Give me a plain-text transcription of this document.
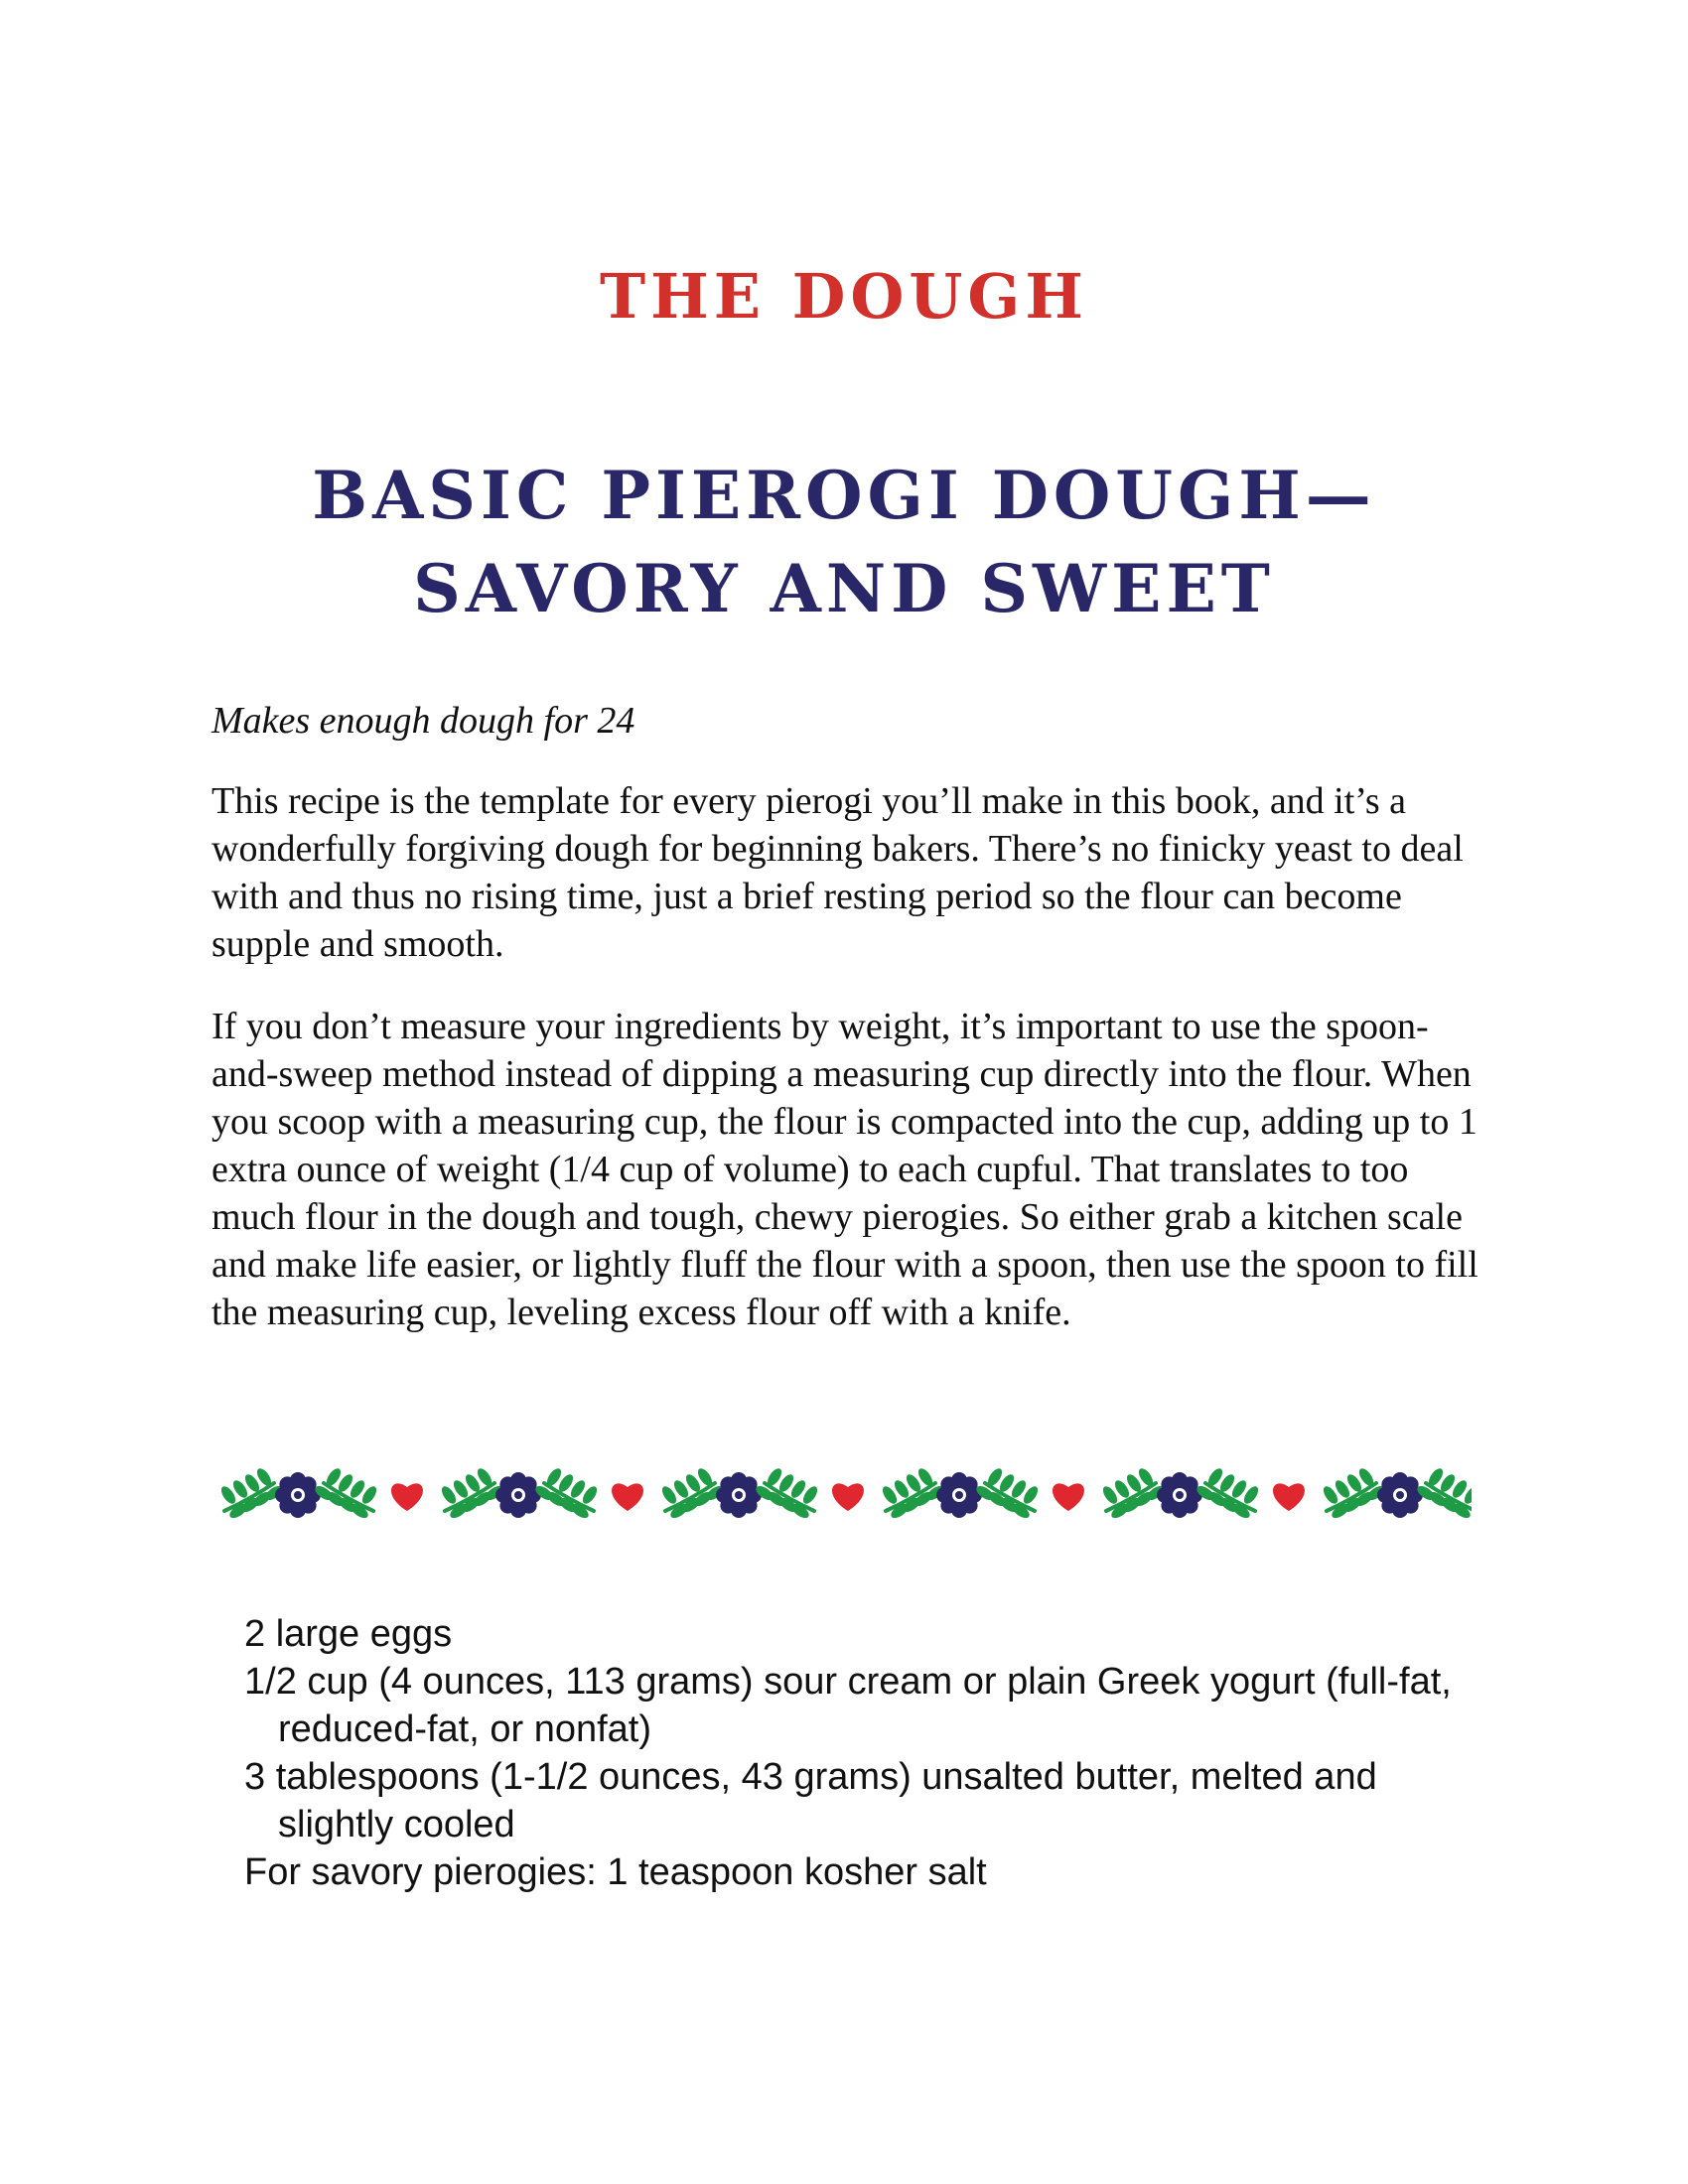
THE DOUGH
BASIC PIEROGI DOUGH—
SAVORY AND SWEET
Makes enough dough for 24

This recipe is the template for every pierogi you’ll make in this book, and it’s a wonderfully forgiving dough for beginning bakers. There’s no finicky yeast to deal with and thus no rising time, just a brief resting period so the flour can become supple and smooth.

If you don’t measure your ingredients by weight, it’s important to use the spoon-and-sweep method instead of dipping a measuring cup directly into the flour. When you scoop with a measuring cup, the flour is compacted into the cup, adding up to 1 extra ounce of weight (1/4 cup of volume) to each cupful. That translates to too much flour in the dough and tough, chewy pierogies. So either grab a kitchen scale and make life easier, or lightly fluff the flour with a spoon, then use the spoon to fill the measuring cup, leveling excess flour off with a knife.

2 large eggs
1/2 cup (4 ounces, 113 grams) sour cream or plain Greek yogurt (full-fat, reduced-fat, or nonfat)
3 tablespoons (1-1/2 ounces, 43 grams) unsalted butter, melted and slightly cooled
For savory pierogies: 1 teaspoon kosher salt
